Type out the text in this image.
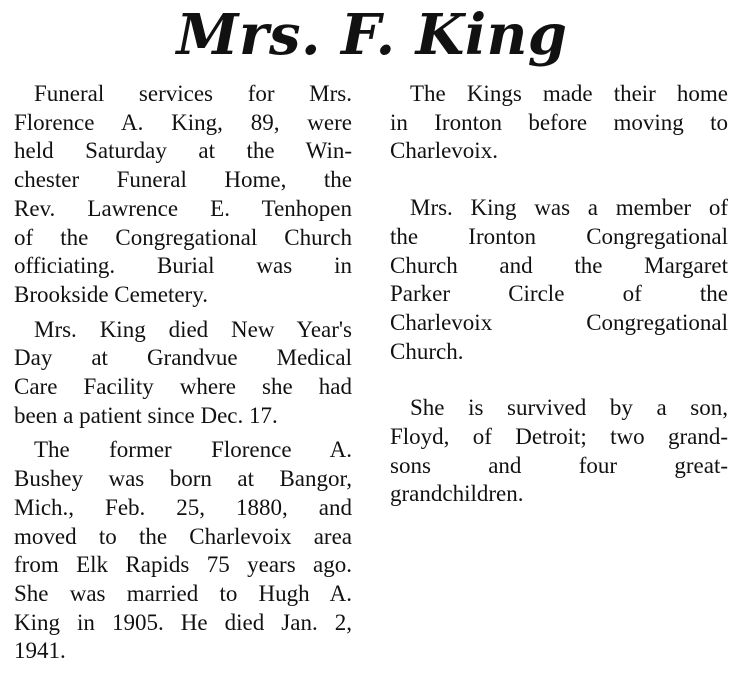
Mrs. F. King

Funeral services for Mrs.
Florence A. King, 89, were
held Saturday at the Win-
chester Funeral Home, the
Rev. Lawrence E. Tenhopen
of the Congregational Church
officiating. Burial was in
Brookside Cemetery.

Mrs. King died New Year's
Day at Grandvue Medical
Care Facility where she had
been a patient since Dec. 17.

The former Florence A.
Bushey was born at Bangor,
Mich., Feb. 25, 1880, and
moved to the Charlevoix area
from Elk Rapids 75 years ago.
She was married to Hugh A.
King in 1905. He died Jan. 2,
1941.

The Kings made their home
in Ironton before moving to
Charlevoix.

Mrs. King was a member of
the Ironton Congregational
Church and the Margaret
Parker Circle of the
Charlevoix Congregational
Church.

She is survived by a son,
Floyd, of Detroit; two grand-
sons and four great-
grandchildren.
